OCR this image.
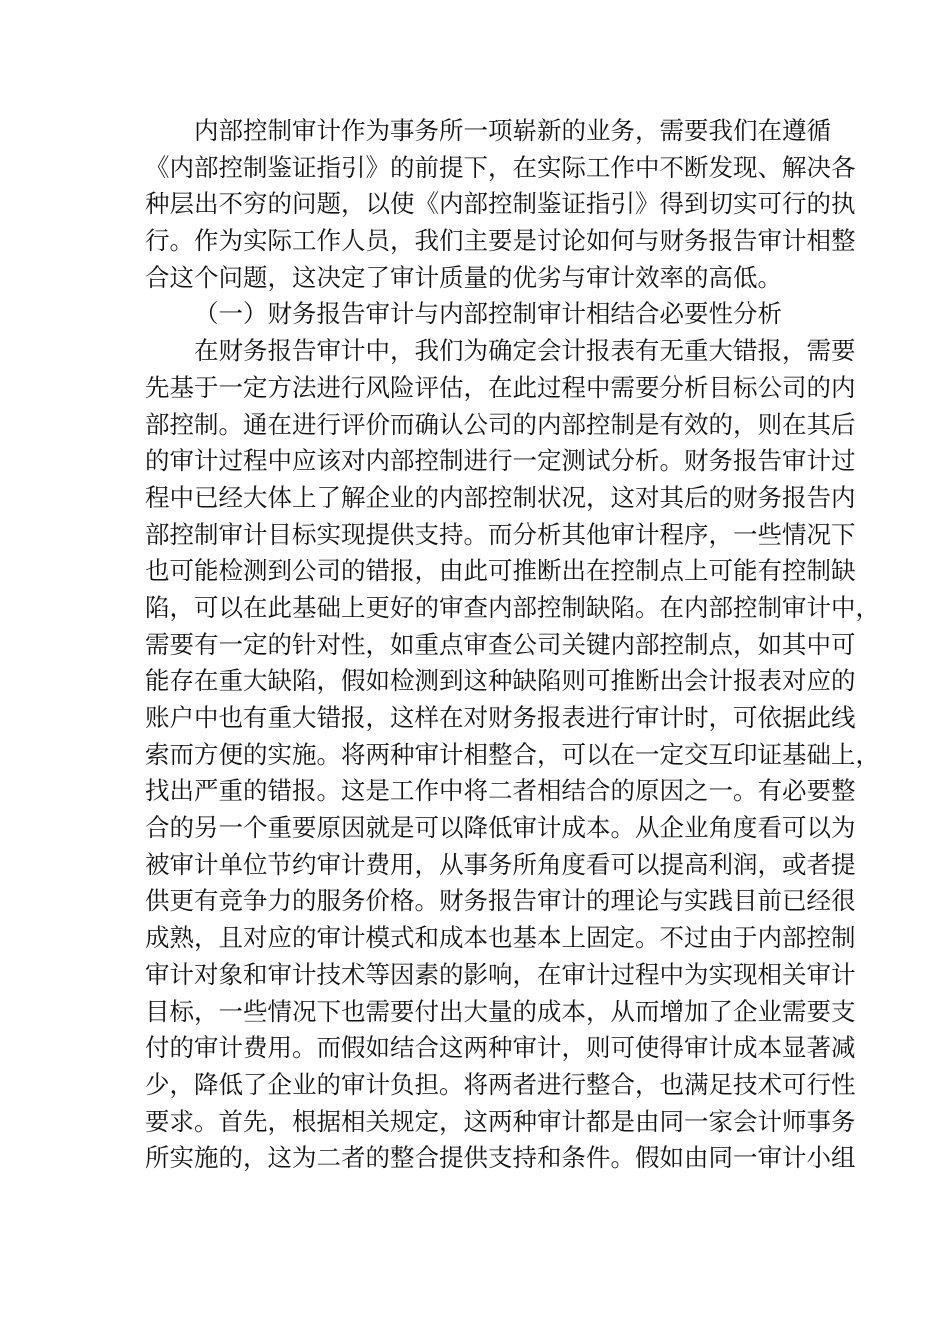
内部控制审计作为事务所一项崭新的业务，需要我们在遵循
《内部控制鉴证指引》的前提下，在实际工作中不断发现、解决各
种层出不穷的问题，以使《内部控制鉴证指引》得到切实可行的执
行。作为实际工作人员，我们主要是讨论如何与财务报告审计相整
合这个问题，这决定了审计质量的优劣与审计效率的高低。
（一）财务报告审计与内部控制审计相结合必要性分析
在财务报告审计中，我们为确定会计报表有无重大错报，需要
先基于一定方法进行风险评估，在此过程中需要分析目标公司的内
部控制。通在进行评价而确认公司的内部控制是有效的，则在其后
的审计过程中应该对内部控制进行一定测试分析。财务报告审计过
程中已经大体上了解企业的内部控制状况，这对其后的财务报告内
部控制审计目标实现提供支持。而分析其他审计程序，一些情况下
也可能检测到公司的错报，由此可推断出在控制点上可能有控制缺
陷，可以在此基础上更好的审查内部控制缺陷。在内部控制审计中，
需要有一定的针对性，如重点审查公司关键内部控制点，如其中可
能存在重大缺陷，假如检测到这种缺陷则可推断出会计报表对应的
账户中也有重大错报，这样在对财务报表进行审计时，可依据此线
索而方便的实施。将两种审计相整合，可以在一定交互印证基础上，
找出严重的错报。这是工作中将二者相结合的原因之一。有必要整
合的另一个重要原因就是可以降低审计成本。从企业角度看可以为
被审计单位节约审计费用，从事务所角度看可以提高利润，或者提
供更有竞争力的服务价格。财务报告审计的理论与实践目前已经很
成熟，且对应的审计模式和成本也基本上固定。不过由于内部控制
审计对象和审计技术等因素的影响，在审计过程中为实现相关审计
目标，一些情况下也需要付出大量的成本，从而增加了企业需要支
付的审计费用。而假如结合这两种审计，则可使得审计成本显著减
少，降低了企业的审计负担。将两者进行整合，也满足技术可行性
要求。首先，根据相关规定，这两种审计都是由同一家会计师事务
所实施的，这为二者的整合提供支持和条件。假如由同一审计小组
